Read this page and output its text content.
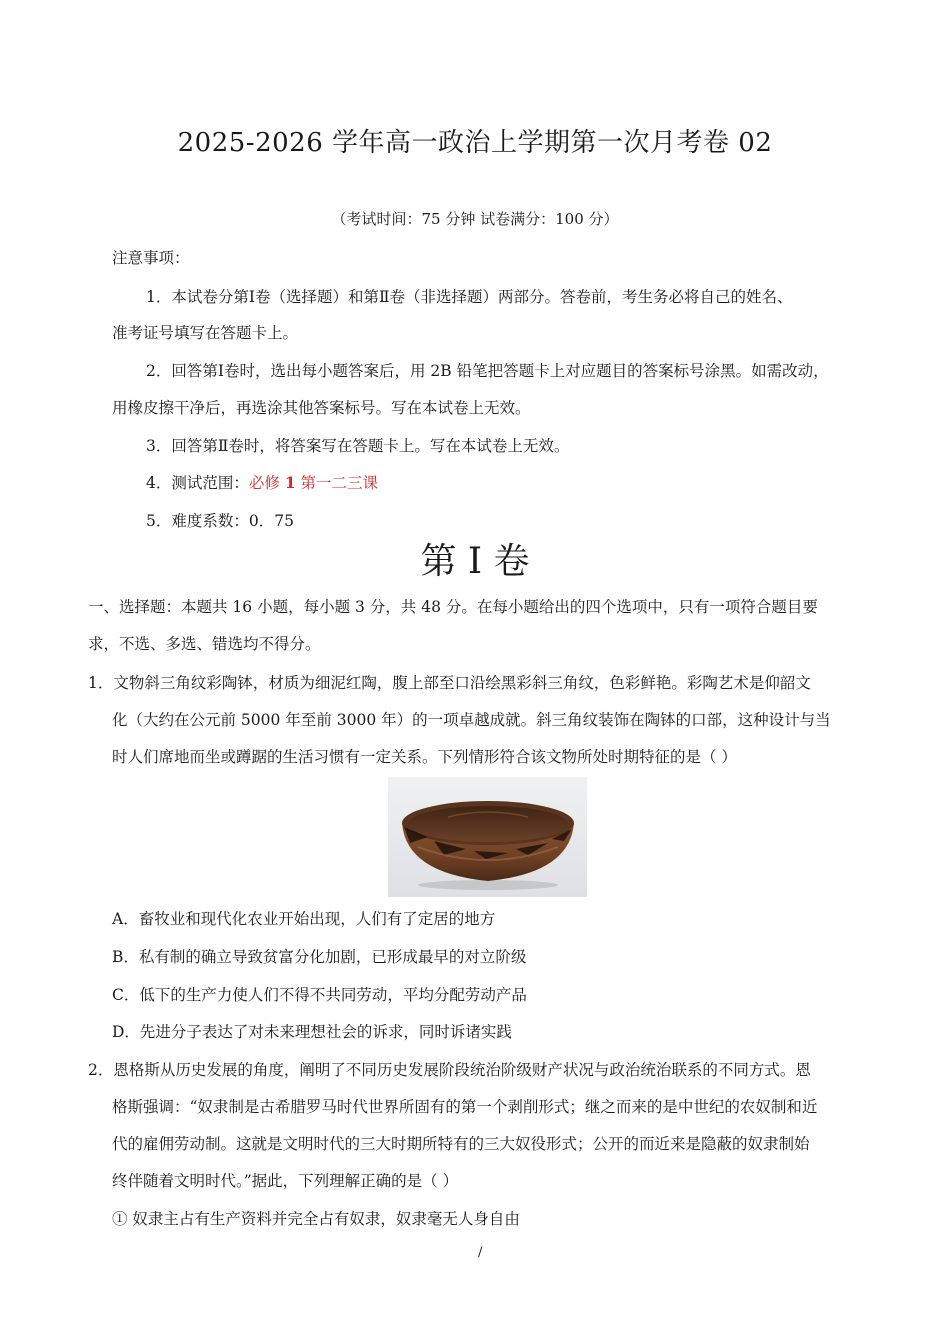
2025-2026 学年高一政治上学期第一次月考卷 02
（考试时间：75 分钟 试卷满分：100 分）
注意事项：
1．本试卷分第Ⅰ卷（选择题）和第Ⅱ卷（非选择题）两部分。答卷前，考生务必将自己的姓名、
准考证号填写在答题卡上。
2．回答第Ⅰ卷时，选出每小题答案后，用 2B 铅笔把答题卡上对应题目的答案标号涂黑。如需改动，
用橡皮擦干净后，再选涂其他答案标号。写在本试卷上无效。
3．回答第Ⅱ卷时，将答案写在答题卡上。写在本试卷上无效。
4．测试范围：必修 1 第一二三课
5．难度系数：0．75
第 I 卷
一、选择题：本题共 16 小题，每小题 3 分，共 48 分。在每小题给出的四个选项中，只有一项符合题目要
求，不选、多选、错选均不得分。
1．文物斜三角纹彩陶钵，材质为细泥红陶，腹上部至口沿绘黑彩斜三角纹，色彩鲜艳。彩陶艺术是仰韶文
化（大约在公元前 5000 年至前 3000 年）的一项卓越成就。斜三角纹装饰在陶钵的口部，这种设计与当
时人们席地而坐或蹲踞的生活习惯有一定关系。下列情形符合该文物所处时期特征的是（ ）
A．畜牧业和现代化农业开始出现，人们有了定居的地方
B．私有制的确立导致贫富分化加剧，已形成最早的对立阶级
C．低下的生产力使人们不得不共同劳动，平均分配劳动产品
D．先进分子表达了对未来理想社会的诉求，同时诉诸实践
2．恩格斯从历史发展的角度，阐明了不同历史发展阶段统治阶级财产状况与政治统治联系的不同方式。恩
格斯强调：“奴隶制是古希腊罗马时代世界所固有的第一个剥削形式；继之而来的是中世纪的农奴制和近
代的雇佣劳动制。这就是文明时代的三大时期所特有的三大奴役形式；公开的而近来是隐蔽的奴隶制始
终伴随着文明时代。”据此，下列理解正确的是（ ）
① 奴隶主占有生产资料并完全占有奴隶，奴隶毫无人身自由
/
